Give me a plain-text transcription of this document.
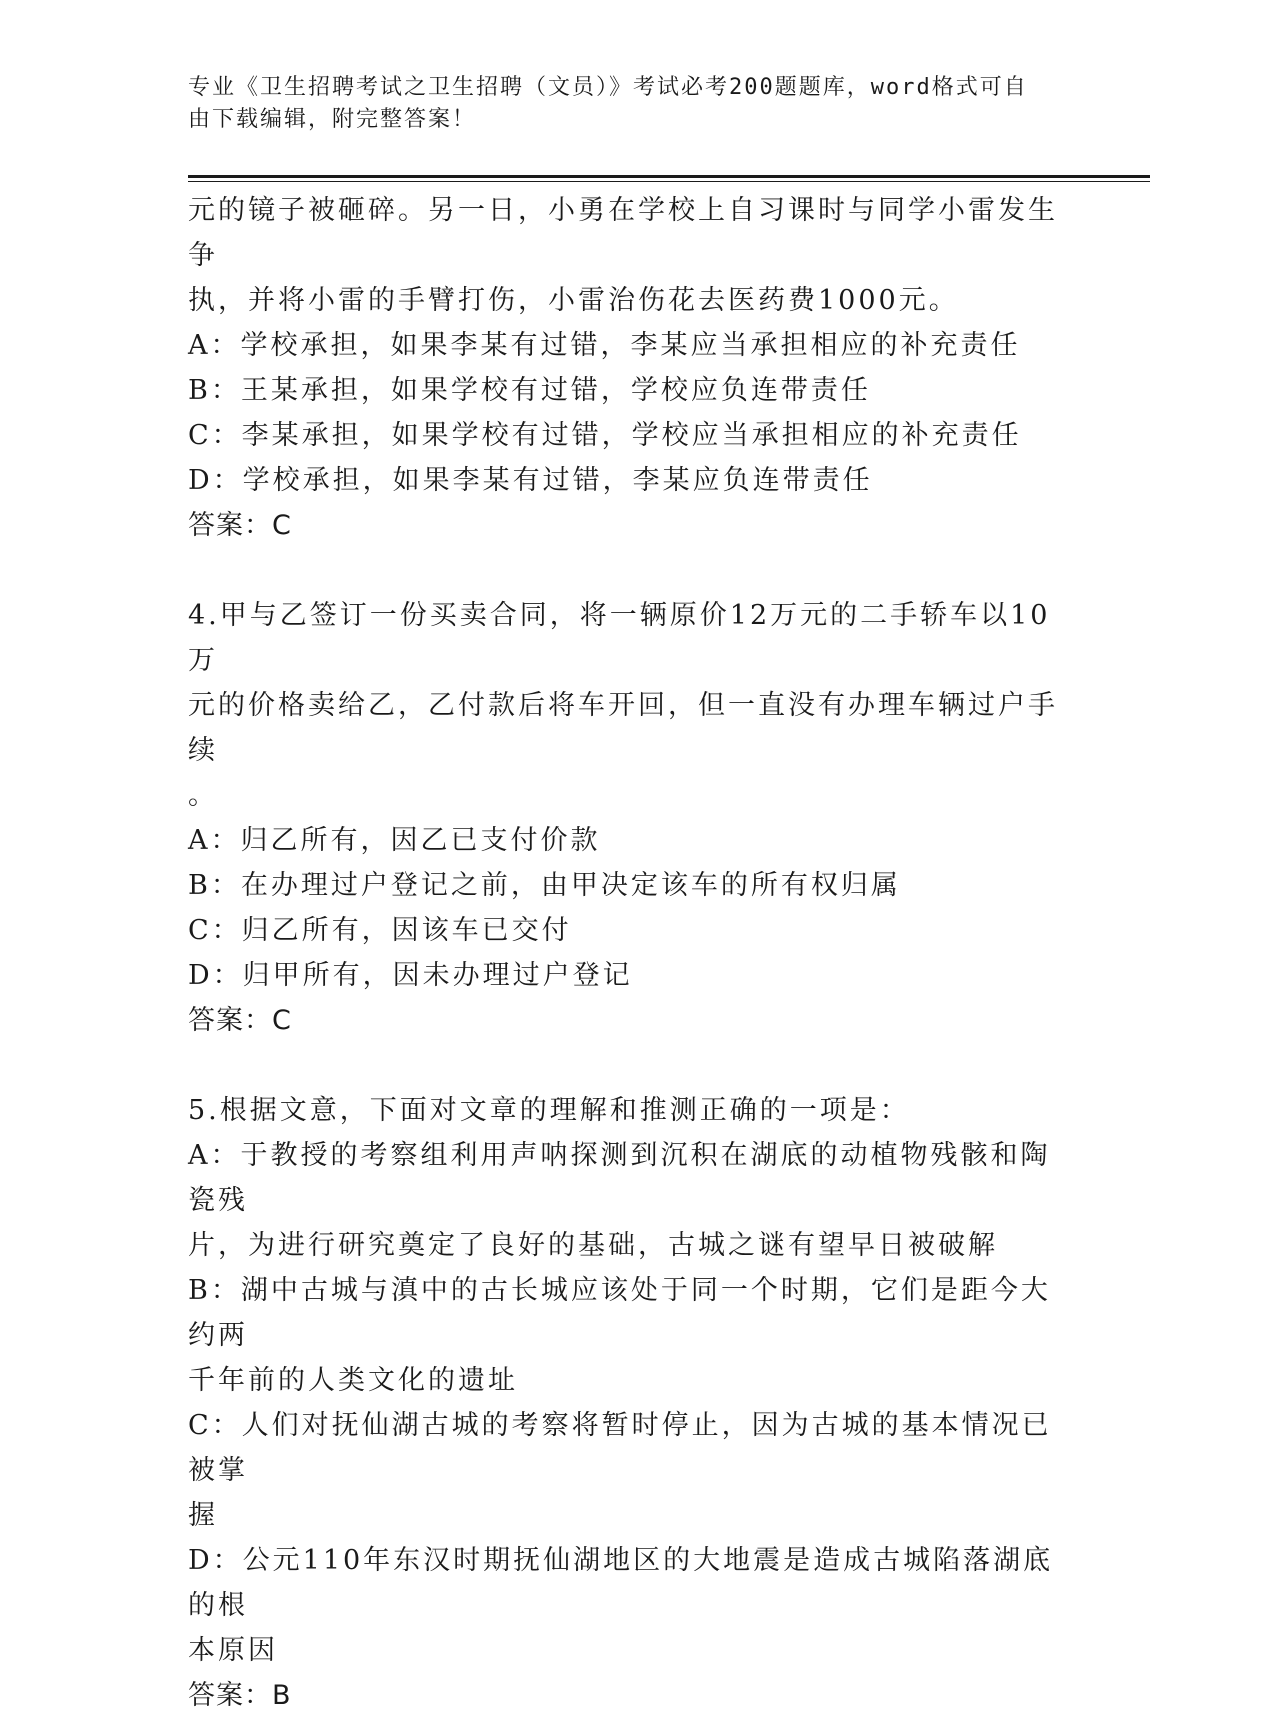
专业《卫生招聘考试之卫生招聘（文员）》考试必考200题题库，word格式可自
由下载编辑，附完整答案！

元的镜子被砸碎。另一日，小勇在学校上自习课时与同学小雷发生争

执，并将小雷的手臂打伤，小雷治伤花去医药费1000元。

A：学校承担，如果李某有过错，李某应当承担相应的补充责任

B：王某承担，如果学校有过错，学校应负连带责任

C：李某承担，如果学校有过错，学校应当承担相应的补充责任

D：学校承担，如果李某有过错，李某应负连带责任

答案：C

4.甲与乙签订一份买卖合同，将一辆原价12万元的二手轿车以10万

元的价格卖给乙，乙付款后将车开回，但一直没有办理车辆过户手续

。

A：归乙所有，因乙已支付价款

B：在办理过户登记之前，由甲决定该车的所有权归属

C：归乙所有，因该车已交付

D：归甲所有，因未办理过户登记

答案：C

5.根据文意，下面对文章的理解和推测正确的一项是：

A：于教授的考察组利用声呐探测到沉积在湖底的动植物残骸和陶瓷残

片，为进行研究奠定了良好的基础，古城之谜有望早日被破解

B：湖中古城与滇中的古长城应该处于同一个时期，它们是距今大约两

千年前的人类文化的遗址

C：人们对抚仙湖古城的考察将暂时停止，因为古城的基本情况已被掌

握

D：公元110年东汉时期抚仙湖地区的大地震是造成古城陷落湖底的根

本原因

答案：B
